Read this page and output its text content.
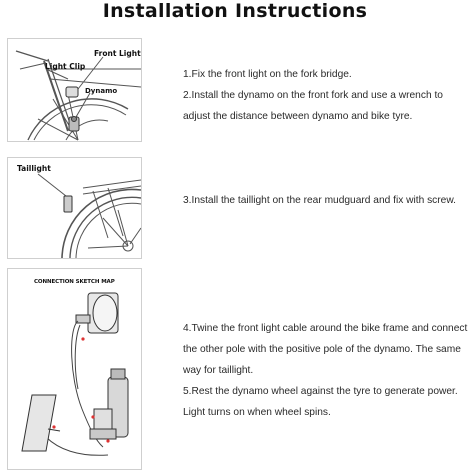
Installation Instructions
Front Light
Light Clip
Dynamo
Taillight
CONNECTION SKETCH MAP

1.Fix the front light on the fork bridge.

2.Install the dynamo on the front fork and use a wrench to adjust the distance between dynamo and bike tyre.

3.Install the taillight on the rear mudguard and fix with screw.

4.Twine the front light cable around the bike frame and connect the other pole with the positive pole of the dynamo. The same way for taillight.

5.Rest the dynamo wheel against the tyre to generate power. Light turns on when wheel spins.
